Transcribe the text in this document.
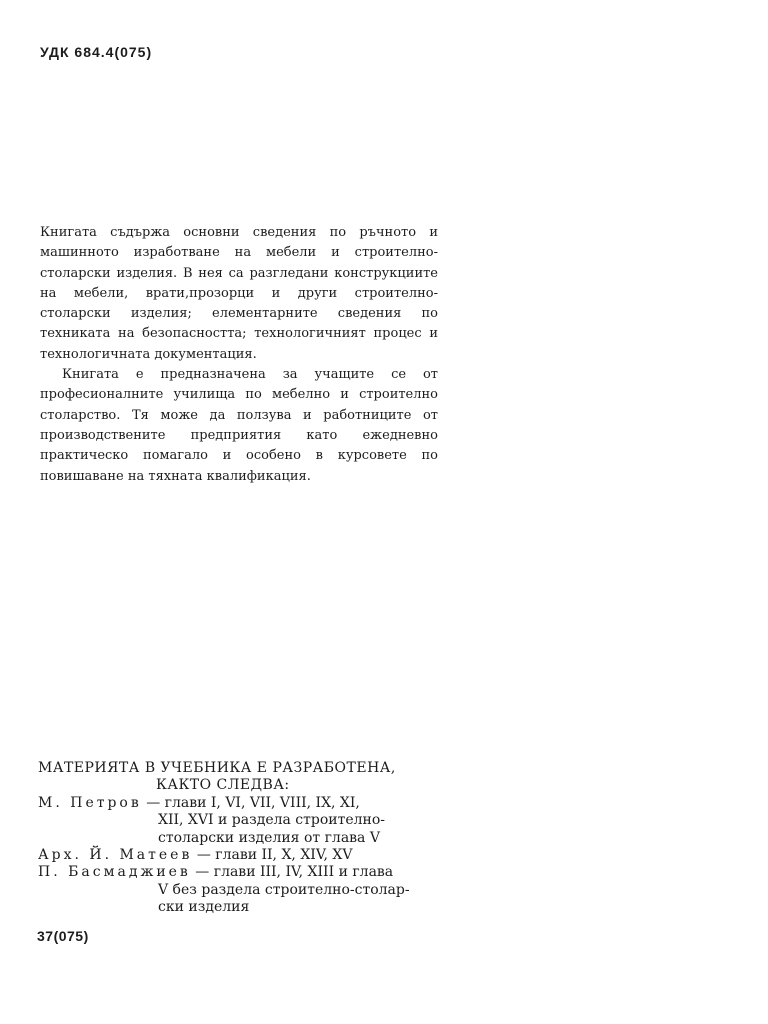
УДК 684.4(075)

Книгата съдържа основни сведения по ръчното и машинното изработване на мебели и строително-столарски изделия. В нея са разгледани конструкциите на мебели, врати,прозорци и други строително-столарски изделия; елементарните сведения по техниката на безопасността; технологичният процес и технологичната документация.

Книгата е предназначена за учащите се от професионалните училища по мебелно и строително столарство. Тя може да ползува и работниците от производствените предприятия като ежедневно практическо помагало и особено в курсовете по повишаване на тяхната квалификация.

МАТЕРИЯТА В УЧЕБНИКА Е РАЗРАБОТЕНА,
КАКТО СЛЕДВА:
М. Петров — глави I, VI, VII, VIII, IX, XI,
XII, XVI и раздела строително-
столарски изделия от глава V
Арх. Й. Матеев — глави II, X, XIV, XV
П. Басмаджиев — глави III, IV, XIII и глава
V без раздела строително-столар-
ски изделия
37(075)
